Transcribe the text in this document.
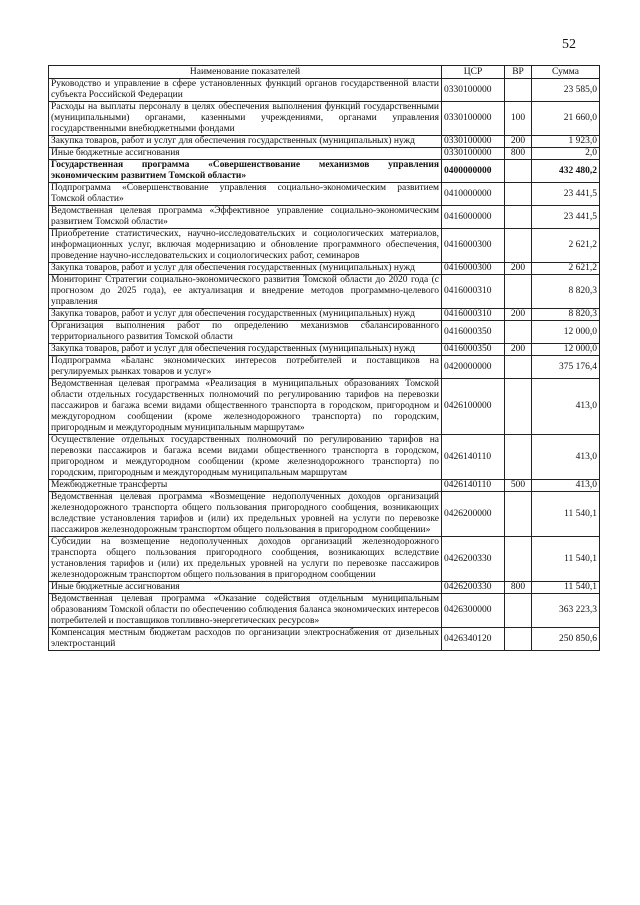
52
Наименование показателей	ЦСР	ВР	Сумма
Руководство и управление в сфере установленных функций органов государственной власти субъекта Российской Федерации	0330100000		23 585,0
Расходы на выплаты персоналу в целях обеспечения выполнения функций государственными (муниципальными) органами, казенными учреждениями, органами управления государственными внебюджетными фондами	0330100000	100	21 660,0
Закупка товаров, работ и услуг для обеспечения государственных (муниципальных) нужд	0330100000	200	1 923,0
Иные бюджетные ассигнования	0330100000	800	2,0
Государственная программа «Совершенствование механизмов управления экономическим развитием Томской области»	0400000000		432 480,2
Подпрограмма «Совершенствование управления социально-экономическим развитием Томской области»	0410000000		23 441,5
Ведомственная целевая программа «Эффективное управление социально-экономическим развитием Томской области»	0416000000		23 441,5
Приобретение статистических, научно-исследовательских и социологических материалов, информационных услуг, включая модернизацию и обновление программного обеспечения, проведение научно-исследовательских и социологических работ, семинаров	0416000300		2 621,2
Закупка товаров, работ и услуг для обеспечения государственных (муниципальных) нужд	0416000300	200	2 621,2
Мониторинг Стратегии социально-экономического развития Томской области до 2020 года (с прогнозом до 2025 года), ее актуализация и внедрение методов программно-целевого управления	0416000310		8 820,3
Закупка товаров, работ и услуг для обеспечения государственных (муниципальных) нужд	0416000310	200	8 820,3
Организация выполнения работ по определению механизмов сбалансированного территориального развития Томской области	0416000350		12 000,0
Закупка товаров, работ и услуг для обеспечения государственных (муниципальных) нужд	0416000350	200	12 000,0
Подпрограмма «Баланс экономических интересов потребителей и поставщиков на регулируемых рынках товаров и услуг»	0420000000		375 176,4
Ведомственная целевая программа «Реализация в муниципальных образованиях Томской области отдельных государственных полномочий по регулированию тарифов на перевозки пассажиров и багажа всеми видами общественного транспорта в городском, пригородном и междугородном сообщении (кроме железнодорожного транспорта) по городским, пригородным и междугородным муниципальным маршрутам»	0426100000		413,0
Осуществление отдельных государственных полномочий по регулированию тарифов на перевозки пассажиров и багажа всеми видами общественного транспорта в городском, пригородном и междугородном сообщении (кроме железнодорожного транспорта) по городским, пригородным и междугородным муниципальным маршрутам	0426140110		413,0
Межбюджетные трансферты	0426140110	500	413,0
Ведомственная целевая программа «Возмещение недополученных доходов организаций железнодорожного транспорта общего пользования пригородного сообщения, возникающих вследствие установления тарифов и (или) их предельных уровней на услуги по перевозке пассажиров железнодорожным транспортом общего пользования в пригородном сообщении»	0426200000		11 540,1
Субсидии на возмещение недополученных доходов организаций железнодорожного транспорта общего пользования пригородного сообщения, возникающих вследствие установления тарифов и (или) их предельных уровней на услуги по перевозке пассажиров железнодорожным транспортом общего пользования в пригородном сообщении	0426200330		11 540,1
Иные бюджетные ассигнования	0426200330	800	11 540,1
Ведомственная целевая программа «Оказание содействия отдельным муниципальным образованиям Томской области по обеспечению соблюдения баланса экономических интересов потребителей и поставщиков топливно-энергетических ресурсов»	0426300000		363 223,3
Компенсация местным бюджетам расходов по организации электроснабжения от дизельных электростанций	0426340120		250 850,6
